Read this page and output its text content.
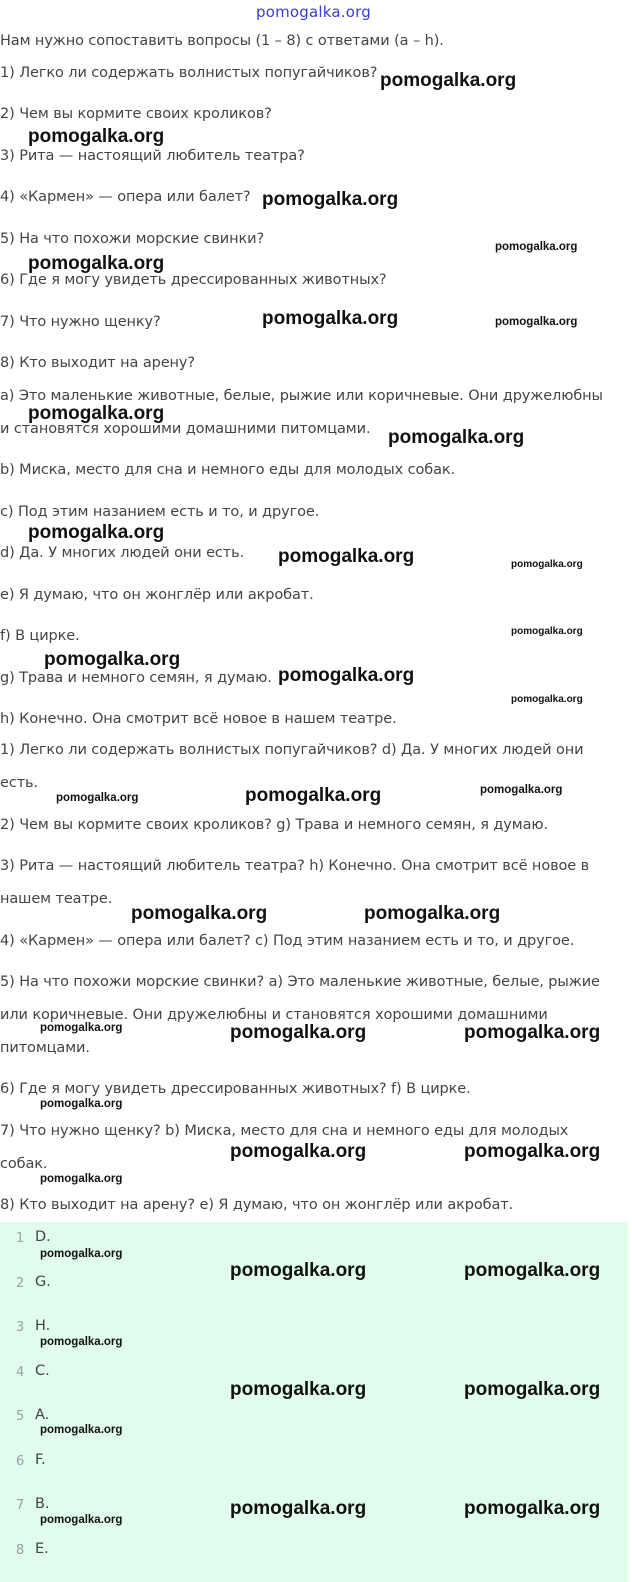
pomogalka.org
Нам нужно сопоставить вопросы (1 – 8) с ответами (a – h).
1) Легко ли содержать волнистых попугайчиков?
2) Чем вы кормите своих кроликов?
3) Рита — настоящий любитель театра?
4) «Кармен» — опера или балет?
5) На что похожи морские свинки?
6) Где я могу увидеть дрессированных животных?
7) Что нужно щенку?
8) Кто выходит на арену?
a) Это маленькие животные, белые, рыжие или коричневые. Они дружелюбны
и становятся хорошими домашними питомцами.
b) Миска, место для сна и немного еды для молодых собак.
c) Под этим назанием есть и то, и другое.
d) Да. У многих людей они есть.
e) Я думаю, что он жонглёр или акробат.
f) В цирке.
g) Трава и немного семян, я думаю.
h) Конечно. Она смотрит всё новое в нашем театре.
1) Легко ли содержать волнистых попугайчиков? d) Да. У многих людей они
есть.
2) Чем вы кормите своих кроликов? g) Трава и немного семян, я думаю.
3) Рита — настоящий любитель театра? h) Конечно. Она смотрит всё новое в
нашем театре.
4) «Кармен» — опера или балет? c) Под этим назанием есть и то, и другое.
5) На что похожи морские свинки? a) Это маленькие животные, белые, рыжие
или коричневые. Они дружелюбны и становятся хорошими домашними
питомцами.
6) Где я могу увидеть дрессированных животных? f) В цирке.
7) Что нужно щенку? b) Миска, место для сна и немного еды для молодых
собак.
8) Кто выходит на арену? e) Я думаю, что он жонглёр или акробат.
1 D.
2 G.
3 H.
4 C.
5 A.
6 F.
7 B.
8 E.
pomogalka.org
pomogalka.org
pomogalka.org
pomogalka.org
pomogalka.org
pomogalka.org	pomogalka.org
pomogalka.org
pomogalka.org
pomogalka.org
pomogalka.org	pomogalka.org
pomogalka.org
pomogalka.org
pomogalka.org
pomogalka.org
pomogalka.org
pomogalka.org
pomogalka.org
pomogalka.org	pomogalka.org
pomogalka.org	pomogalka.org	pomogalka.org
pomogalka.org
pomogalka.org	pomogalka.org
pomogalka.org
pomogalka.org
pomogalka.org	pomogalka.org
pomogalka.org
pomogalka.org	pomogalka.org
pomogalka.org
pomogalka.org	pomogalka.org
pomogalka.org
